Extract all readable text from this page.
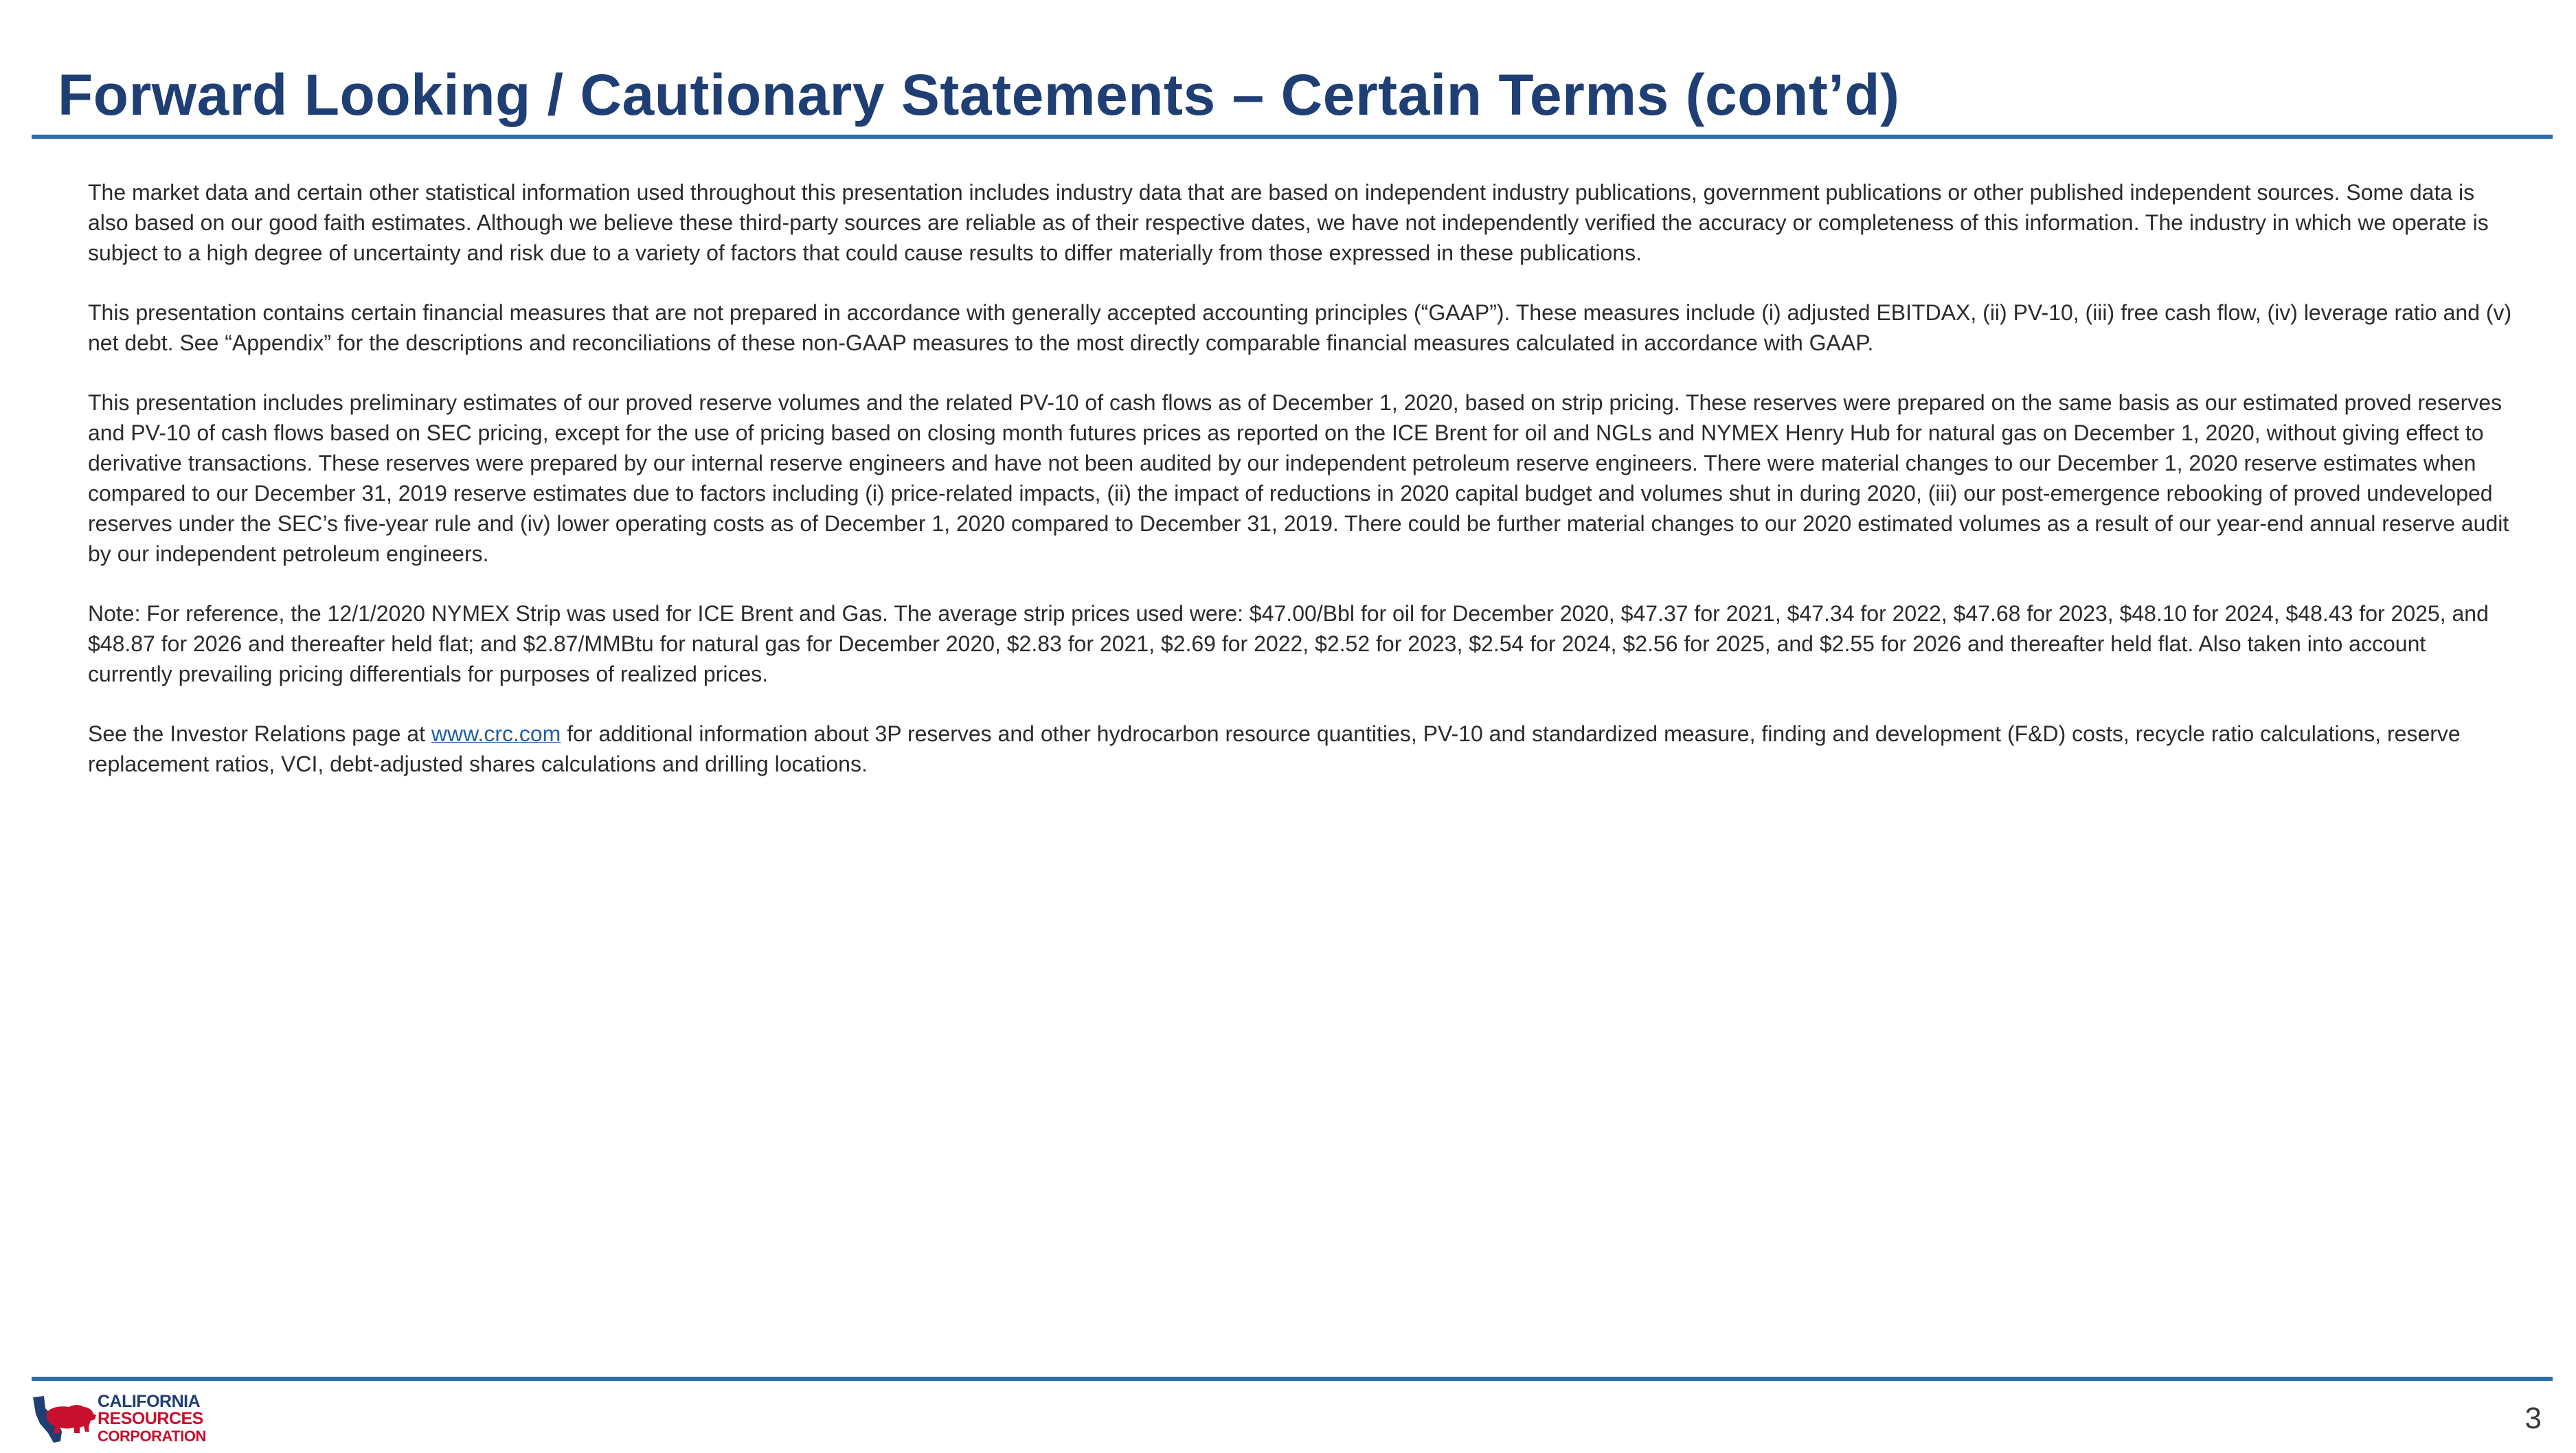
Forward Looking / Cautionary Statements – Certain Terms (cont’d)

The market data and certain other statistical information used throughout this presentation includes industry data that are based on independent industry publications, government publications or other published independent sources. Some data is also based on our good faith estimates. Although we believe these third-party sources are reliable as of their respective dates, we have not independently verified the accuracy or completeness of this information. The industry in which we operate is subject to a high degree of uncertainty and risk due to a variety of factors that could cause results to differ materially from those expressed in these publications.

This presentation contains certain financial measures that are not prepared in accordance with generally accepted accounting principles (“GAAP”). These measures include (i) adjusted EBITDAX, (ii) PV-10, (iii) free cash flow, (iv) leverage ratio and (v) net debt. See “Appendix” for the descriptions and reconciliations of these non-GAAP measures to the most directly comparable financial measures calculated in accordance with GAAP.

This presentation includes preliminary estimates of our proved reserve volumes and the related PV-10 of cash flows as of December 1, 2020, based on strip pricing. These reserves were prepared on the same basis as our estimated proved reserves and PV-10 of cash flows based on SEC pricing, except for the use of pricing based on closing month futures prices as reported on the ICE Brent for oil and NGLs and NYMEX Henry Hub for natural gas on December 1, 2020, without giving effect to derivative transactions. These reserves were prepared by our internal reserve engineers and have not been audited by our independent petroleum reserve engineers. There were material changes to our December 1, 2020 reserve estimates when compared to our December 31, 2019 reserve estimates due to factors including (i) price-related impacts, (ii) the impact of reductions in 2020 capital budget and volumes shut in during 2020, (iii) our post-emergence rebooking of proved undeveloped reserves under the SEC’s five-year rule and (iv) lower operating costs as of December 1, 2020 compared to December 31, 2019. There could be further material changes to our 2020 estimated volumes as a result of our year-end annual reserve audit by our independent petroleum engineers.

Note: For reference, the 12/1/2020 NYMEX Strip was used for ICE Brent and Gas. The average strip prices used were: $47.00/Bbl for oil for December 2020, $47.37 for 2021, $47.34 for 2022, $47.68 for 2023, $48.10 for 2024, $48.43 for 2025, and $48.87 for 2026 and thereafter held flat; and $2.87/MMBtu for natural gas for December 2020, $2.83 for 2021, $2.69 for 2022, $2.52 for 2023, $2.54 for 2024, $2.56 for 2025, and $2.55 for 2026 and thereafter held flat. Also taken into account currently prevailing pricing differentials for purposes of realized prices.

See the Investor Relations page at www.crc.com for additional information about 3P reserves and other hydrocarbon resource quantities, PV-10 and standardized measure, finding and development (F&D) costs, recycle ratio calculations, reserve replacement ratios, VCI, debt-adjusted shares calculations and drilling locations.

CALIFORNIA
RESOURCES
CORPORATION
3
